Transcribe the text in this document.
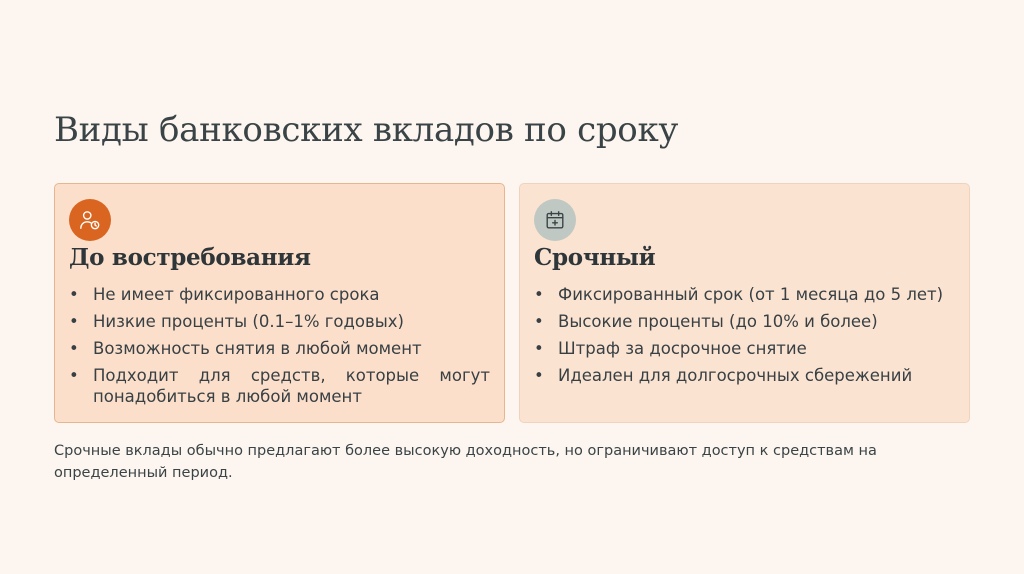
Виды банковских вкладов по сроку
До востребования
• Не имеет фиксированного срока
• Низкие проценты (0.1–1% годовых)
• Возможность снятия в любой момент
• Подходит для средств, которые могут понадобиться в любой момент
Срочный
• Фиксированный срок (от 1 месяца до 5 лет)
• Высокие проценты (до 10% и более)
• Штраф за досрочное снятие
• Идеален для долгосрочных сбережений
Срочные вклады обычно предлагают более высокую доходность, но ограничивают доступ к средствам на определенный период.
